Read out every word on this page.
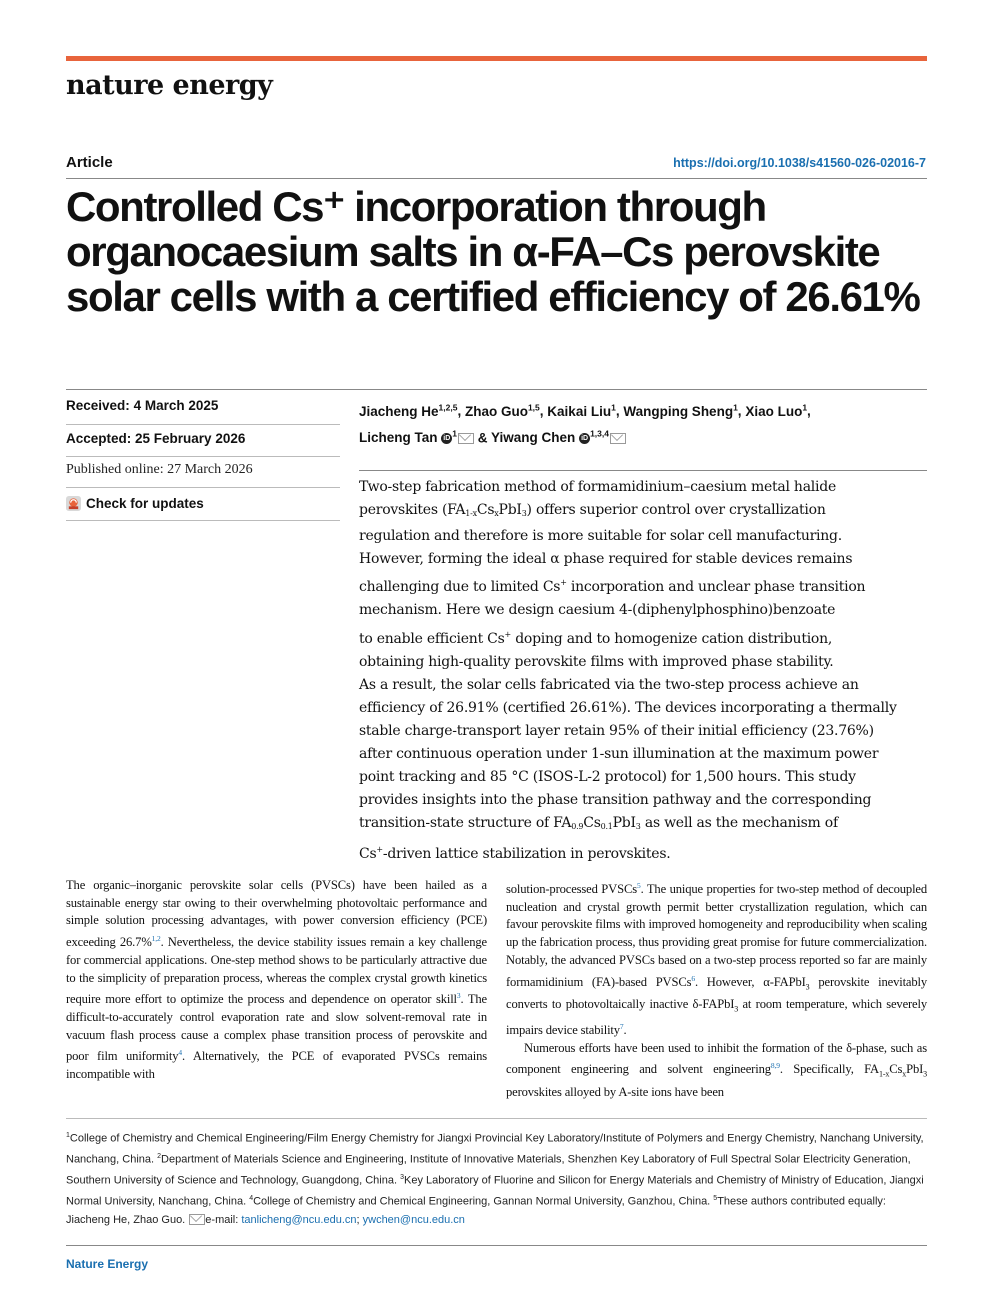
nature energy
Article	https://doi.org/10.1038/s41560-026-02016-7
Controlled Cs⁺ incorporation through
organocaesium salts in α-FA–Cs perovskite
solar cells with a certified efficiency of 26.61%
Received: 4 March 2025
Accepted: 25 February 2026
Published online: 27 March 2026
Check for updates
Jiacheng He$^{1,2,5}$, Zhao Guo$^{1,5}$, Kaikai Liu$^1$, Wangping Sheng$^1$, Xiao Luo$^1$,
Licheng Tan iD $^1$ & Yiwang Chen iD $^{1,3,4}$

Two-step fabrication method of formamidinium–caesium metal halide

perovskites (FA1-xCsxPbI3) offers superior control over crystallization

regulation and therefore is more suitable for solar cell manufacturing.

However, forming the ideal α phase required for stable devices remains

challenging due to limited Cs+ incorporation and unclear phase transition

mechanism. Here we design caesium 4-(diphenylphosphino)benzoate

to enable efficient Cs+ doping and to homogenize cation distribution,

obtaining high-quality perovskite films with improved phase stability.

As a result, the solar cells fabricated via the two-step process achieve an

efficiency of 26.91% (certified 26.61%). The devices incorporating a thermally

stable charge-transport layer retain 95% of their initial efficiency (23.76%)

after continuous operation under 1-sun illumination at the maximum power

point tracking and 85 °C (ISOS-L-2 protocol) for 1,500 hours. This study

provides insights into the phase transition pathway and the corresponding

transition-state structure of FA0.9Cs0.1PbI3 as well as the mechanism of

Cs+-driven lattice stabilization in perovskites.

The organic–inorganic perovskite solar cells (PVSCs) have been hailed as a sustainable energy star owing to their overwhelming photovoltaic performance and simple solution processing advantages, with power conversion efficiency (PCE) exceeding 26.7%$^{1,2}$. Nevertheless, the device stability issues remain a key challenge for commercial applications. One-step method shows to be particularly attractive due to the simplicity of preparation process, whereas the complex crystal growth kinetics require more effort to optimize the process and dependence on operator skill$^3$. The difficult-to-accurately control evaporation rate and slow solvent-removal rate in vacuum flash process cause a complex phase transition process of perovskite and poor film uniformity$^4$. Alternatively, the PCE of evaporated PVSCs remains incompatible with

solution-processed PVSCs$^5$. The unique properties for two-step method of decoupled nucleation and crystal growth permit better crystallization regulation, which can favour perovskite films with improved homogeneity and reproducibility when scaling up the fabrication process, thus providing great promise for future commercialization. Notably, the advanced PVSCs based on a two-step process reported so far are mainly formamidinium (FA)-based PVSCs$^6$. However, α-FAPbI$_3$ perovskite inevitably converts to photovoltaically inactive δ-FAPbI$_3$ at room temperature, which severely impairs device stability$^7$.

Numerous efforts have been used to inhibit the formation of the δ-phase, such as component engineering and solvent engineering$^{8,9}$. Specifically, $FA_{1-x}Cs_xPbI_3$ perovskites alloyed by A-site ions have been

$^1$College of Chemistry and Chemical Engineering/Film Energy Chemistry for Jiangxi Provincial Key Laboratory/Institute of Polymers and Energy Chemistry, Nanchang University, Nanchang, China. $^2$Department of Materials Science and Engineering, Institute of Innovative Materials, Shenzhen Key Laboratory of Full Spectral Solar Electricity Generation, Southern University of Science and Technology, Guangdong, China. $^3$Key Laboratory of Fluorine and Silicon for Energy Materials and Chemistry of Ministry of Education, Jiangxi Normal University, Nanchang, China. $^4$College of Chemistry and Chemical Engineering, Gannan Normal University, Ganzhou, China. $^5$These authors contributed equally: Jiacheng He, Zhao Guo. e-mail: tanlicheng@ncu.edu.cn; ywchen@ncu.edu.cn
Nature Energy
